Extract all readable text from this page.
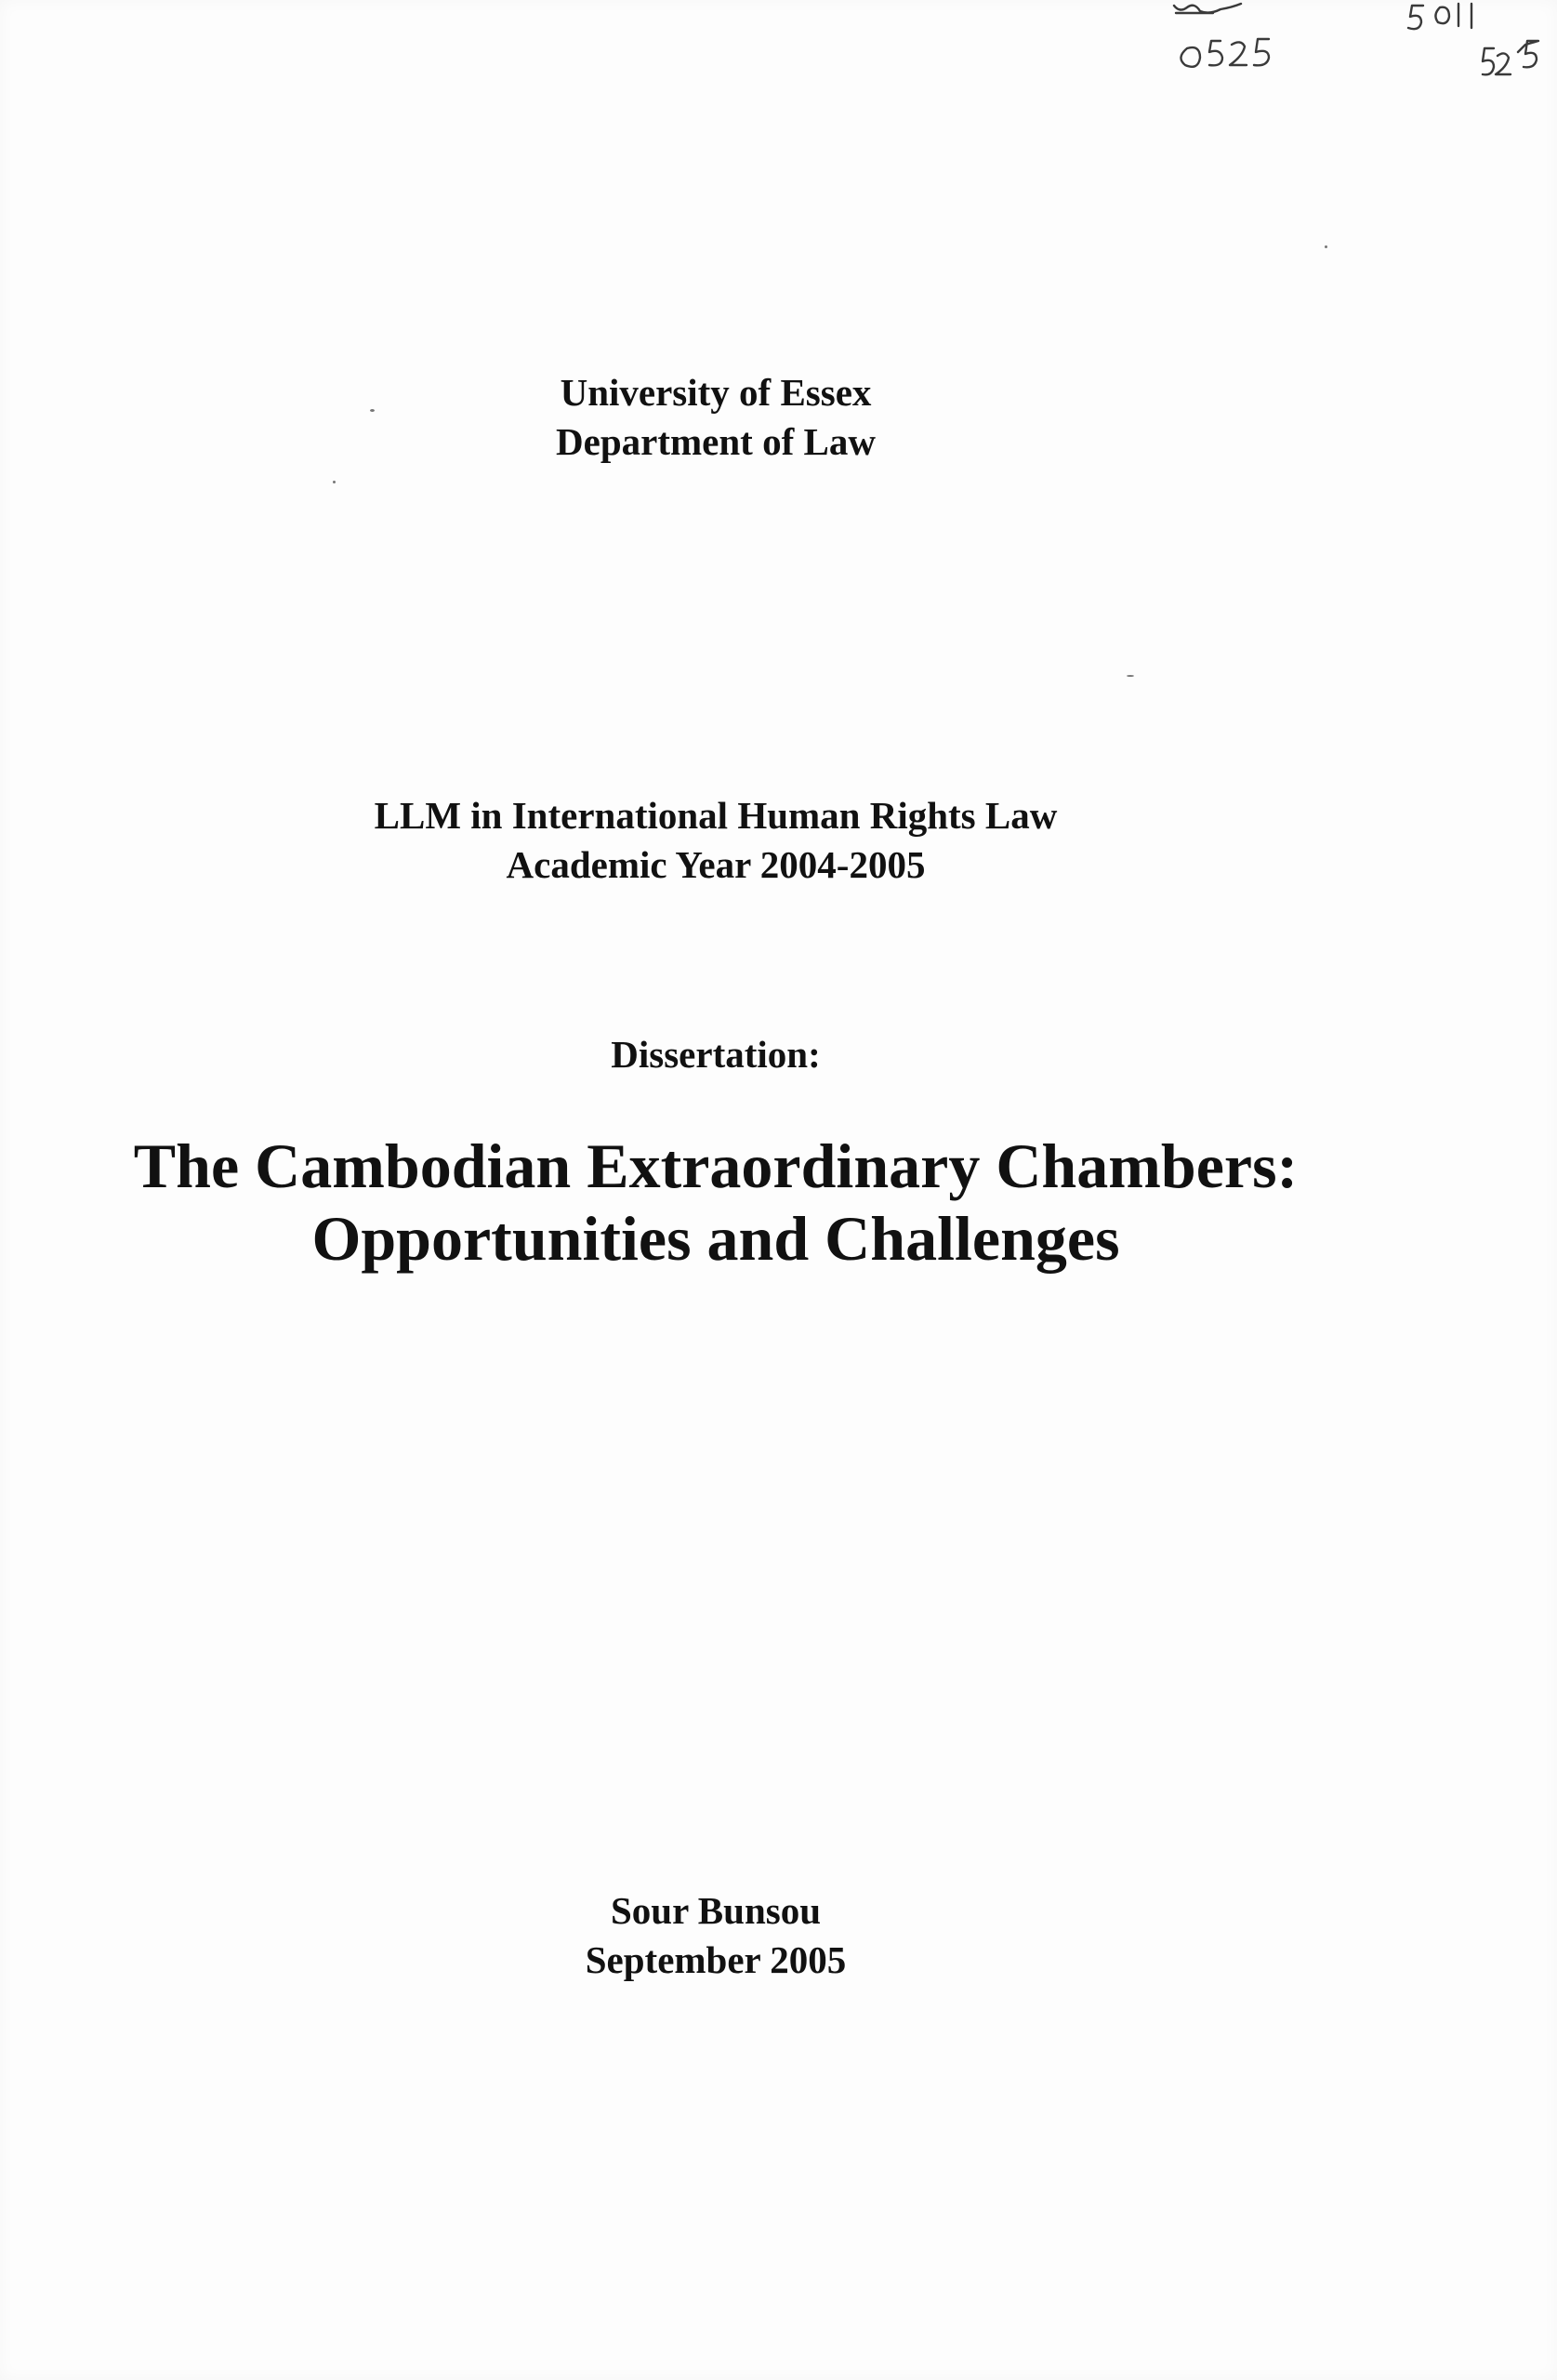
University of Essex
Department of Law
LLM in International Human Rights Law
Academic Year 2004-2005
Dissertation:
The Cambodian Extraordinary Chambers:
Opportunities and Challenges
Sour Bunsou
September 2005
